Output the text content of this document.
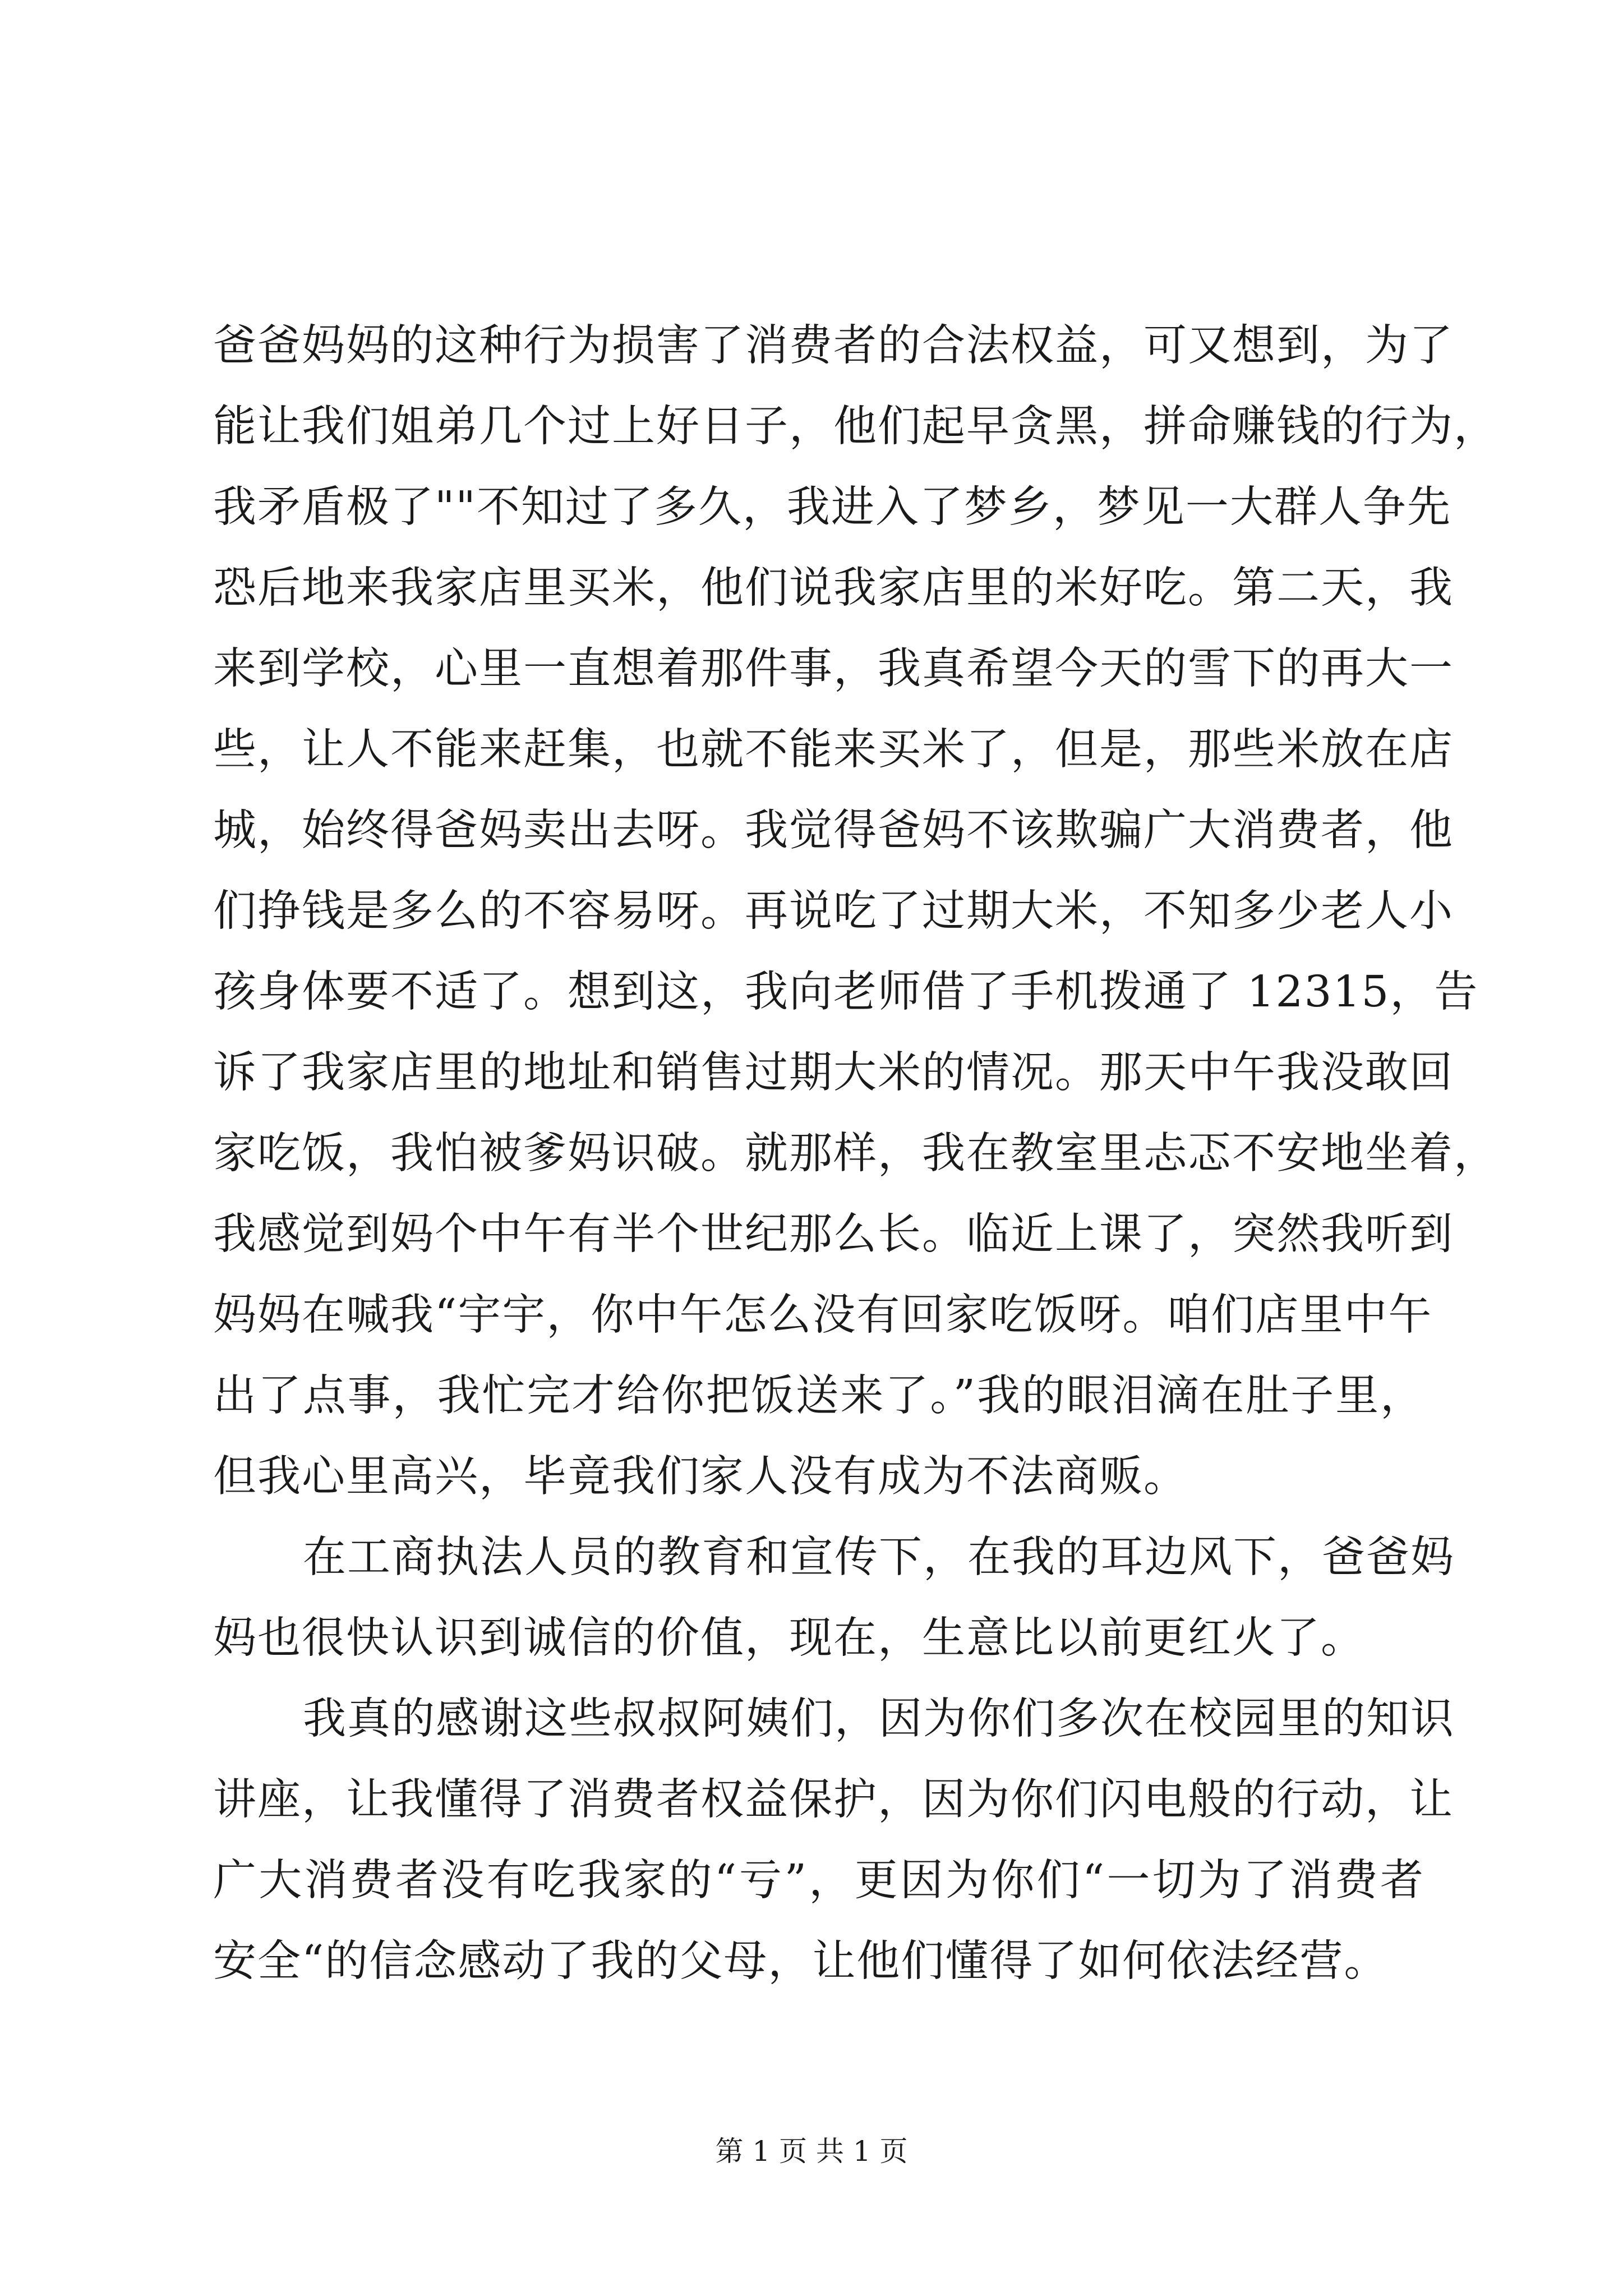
爸爸妈妈的这种行为损害了消费者的合法权益，可又想到，为了
能让我们姐弟几个过上好日子，他们起早贪黑，拼命赚钱的行为，
我矛盾极了""不知过了多久，我进入了梦乡，梦见一大群人争先
恐后地来我家店里买米，他们说我家店里的米好吃。第二天，我
来到学校，心里一直想着那件事，我真希望今天的雪下的再大一
些，让人不能来赶集，也就不能来买米了，但是，那些米放在店
城，始终得爸妈卖出去呀。我觉得爸妈不该欺骗广大消费者，他
们挣钱是多么的不容易呀。再说吃了过期大米，不知多少老人小
孩身体要不适了。想到这，我向老师借了手机拨通了 12315，告
诉了我家店里的地址和销售过期大米的情况。那天中午我没敢回
家吃饭，我怕被爹妈识破。就那样，我在教室里忐忑不安地坐着，
我感觉到妈个中午有半个世纪那么长。临近上课了，突然我听到
妈妈在喊我“宇宇，你中午怎么没有回家吃饭呀。咱们店里中午
出了点事，我忙完才给你把饭送来了。”我的眼泪滴在肚子里，
但我心里高兴，毕竟我们家人没有成为不法商贩。
在工商执法人员的教育和宣传下，在我的耳边风下，爸爸妈
妈也很快认识到诚信的价值，现在，生意比以前更红火了。
我真的感谢这些叔叔阿姨们，因为你们多次在校园里的知识
讲座，让我懂得了消费者权益保护，因为你们闪电般的行动，让
广大消费者没有吃我家的“亏”，更因为你们“一切为了消费者
安全“的信念感动了我的父母，让他们懂得了如何依法经营。
第 1 页 共 1 页
